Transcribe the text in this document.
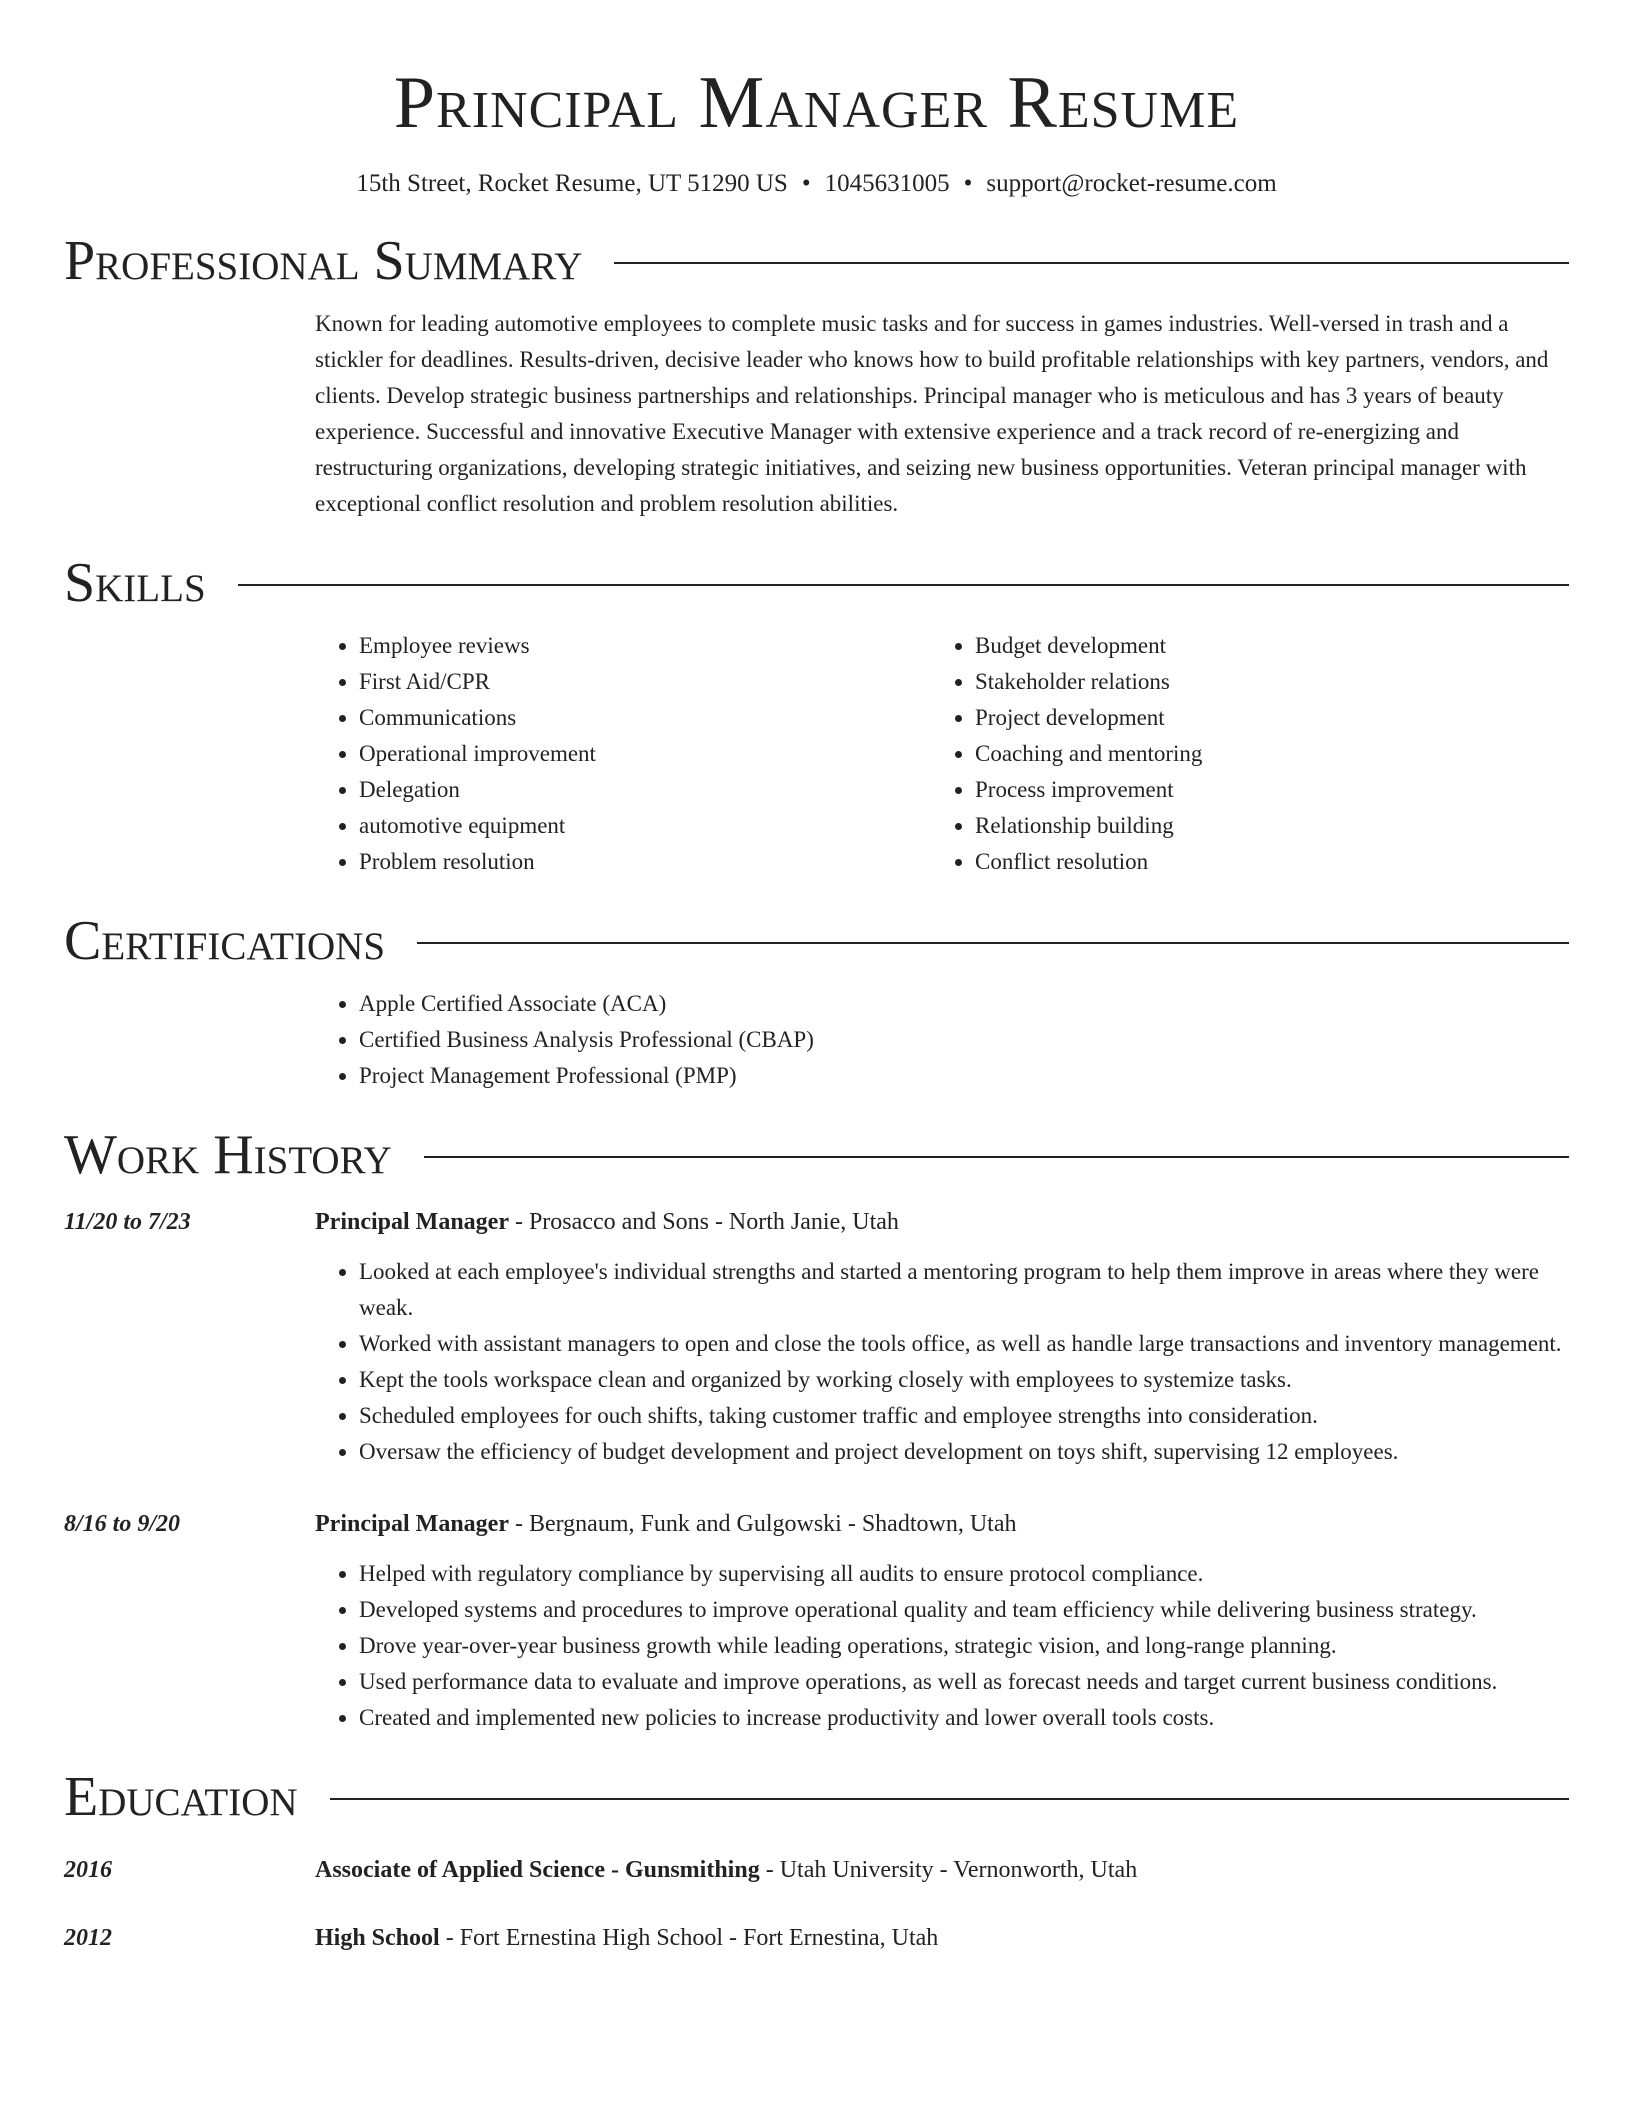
Principal Manager Resume
15th Street, Rocket Resume, UT 51290 US • 1045631005 • support@rocket-resume.com
Professional Summary
Known for leading automotive employees to complete music tasks and for success in games industries. Well-versed in trash and a stickler for deadlines. Results-driven, decisive leader who knows how to build profitable relationships with key partners, vendors, and clients. Develop strategic business partnerships and relationships. Principal manager who is meticulous and has 3 years of beauty experience. Successful and innovative Executive Manager with extensive experience and a track record of re-energizing and restructuring organizations, developing strategic initiatives, and seizing new business opportunities. Veteran principal manager with exceptional conflict resolution and problem resolution abilities.
Skills
• Employee reviews
• First Aid/CPR
• Communications
• Operational improvement
• Delegation
• automotive equipment
• Problem resolution
• Budget development
• Stakeholder relations
• Project development
• Coaching and mentoring
• Process improvement
• Relationship building
• Conflict resolution
Certifications
• Apple Certified Associate (ACA)
• Certified Business Analysis Professional (CBAP)
• Project Management Professional (PMP)
Work History
11/20 to 7/23	Principal Manager - Prosacco and Sons - North Janie, Utah
• Looked at each employee's individual strengths and started a mentoring program to help them improve in areas where they were weak.
• Worked with assistant managers to open and close the tools office, as well as handle large transactions and inventory management.
• Kept the tools workspace clean and organized by working closely with employees to systemize tasks.
• Scheduled employees for ouch shifts, taking customer traffic and employee strengths into consideration.
• Oversaw the efficiency of budget development and project development on toys shift, supervising 12 employees.
8/16 to 9/20	Principal Manager - Bergnaum, Funk and Gulgowski - Shadtown, Utah
• Helped with regulatory compliance by supervising all audits to ensure protocol compliance.
• Developed systems and procedures to improve operational quality and team efficiency while delivering business strategy.
• Drove year-over-year business growth while leading operations, strategic vision, and long-range planning.
• Used performance data to evaluate and improve operations, as well as forecast needs and target current business conditions.
• Created and implemented new policies to increase productivity and lower overall tools costs.
Education
2016	Associate of Applied Science - Gunsmithing - Utah University - Vernonworth, Utah
2012	High School - Fort Ernestina High School - Fort Ernestina, Utah
